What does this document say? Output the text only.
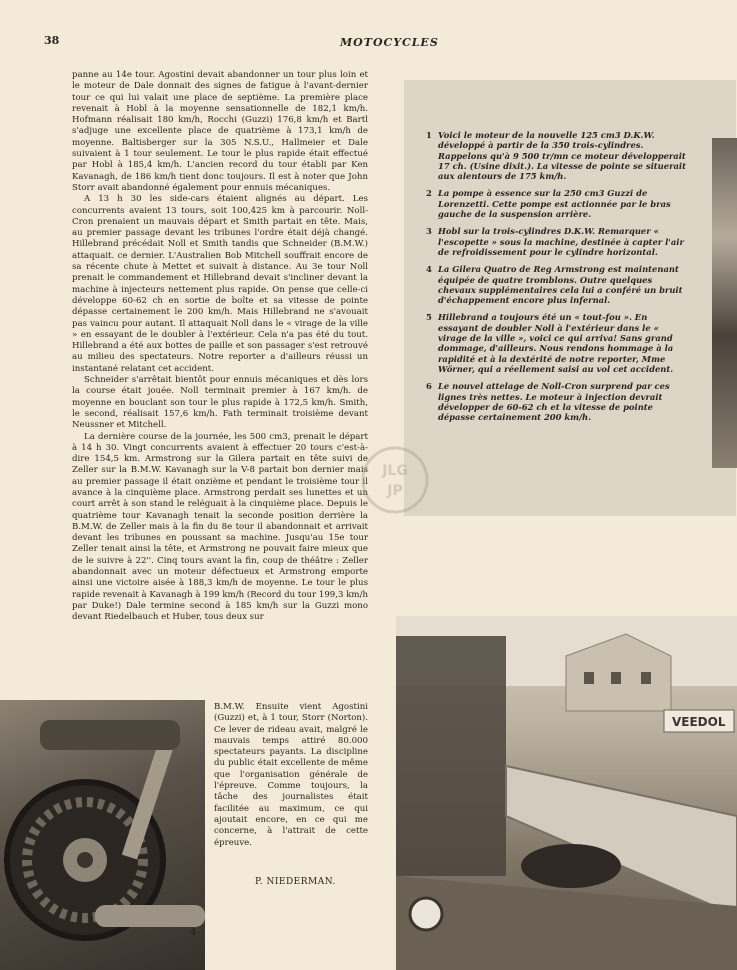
38	MOTOCYCLES

panne au 14e tour. Agostini devait abandonner un tour plus loin et le moteur de Dale donnait des signes de fatigue à l'avant-dernier tour ce qui lui valait une place de septième. La première place revenait à Hobl à la moyenne sensationnelle de 182,1 km/h. Hofmann réalisait 180 km/h, Rocchi (Guzzi) 176,8 km/h et Bartl s'adjuge une excellente place de quatrième à 173,1 km/h de moyenne. Baltisberger sur la 305 N.S.U., Hallmeier et Dale suivaient à 1 tour seulement. Le tour le plus rapide était effectué par Hobl à 185,4 km/h. L'ancien record du tour établi par Ken Kavanagh, de 186 km/h tient donc toujours. Il est à noter que John Storr avait abandonné également pour ennuis mécaniques.

A 13 h 30 les side-cars étaient alignés au départ. Les concurrents avaient 13 tours, soit 100,425 km à parcourir. Noll-Cron prenaient un mauvais départ et Smith partait en tête. Mais, au premier passage devant les tribunes l'ordre était déjà changé. Hillebrand précédait Noll et Smith tandis que Schneider (B.M.W.) attaquait. ce dernier. L'Australien Bob Mitchell souffrait encore de sa récente chute à Mettet et suivait à distance. Au 3e tour Noll prenait le commandement et Hillebrand devait s'incliner devant la machine à injecteurs nettement plus rapide. On pense que celle-ci développe 60-62 ch en sortie de boîte et sa vitesse de pointe dépasse certainement le 200 km/h. Mais Hillebrand ne s'avouait pas vaincu pour autant. Il attaquait Noll dans le « virage de la ville » en essayant de le doubler à l'extérieur. Cela n'a pas été du tout. Hillebrand a été aux bottes de paille et son passager s'est retrouvé au milieu des spectateurs. Notre reporter a d'ailleurs réussi un instantané relatant cet accident.

Schneider s'arrêtait bientôt pour ennuis mécaniques et dès lors la course était jouée. Noll terminait premier à 167 km/h. de moyenne en bouclant son tour le plus rapide à 172,5 km/h. Smith, le second, réalisait 157,6 km/h. Fath terminait troisième devant Neussner et Mitchell.

La dernière course de la journée, les 500 cm3, prenait le départ à 14 h 30. Vingt concurrents avaient à effectuer 20 tours c'est-à-dire 154,5 km. Armstrong sur la Gilera partait en tête suivi de Zeller sur la B.M.W. Kavanagh sur la V-8 partait bon dernier mais au premier passage il était onzième et pendant le troisième tour il avance à la cinquième place. Armstrong perdait ses lunettes et un court arrêt à son stand le reléguait à la cinquième place. Depuis le quatrième tour Kavanagh tenait la seconde position derrière la B.M.W. de Zeller mais à la fin du 8e tour il abandonnait et arrivait devant les tribunes en poussant sa machine. Jusqu'au 15e tour Zeller tenait ainsi la tête, et Armstrong ne pouvait faire mieux que de le suivre à 22''. Cinq tours avant la fin, coup de théâtre : Zeller abandonnait avec un moteur défectueux et Armstrong emporte ainsi une victoire aisée à 188,3 km/h de moyenne. Le tour le plus rapide revenait à Kavanagh à 199 km/h (Record du tour 199,3 km/h par Duke!) Dale termine second à 185 km/h sur la Guzzi mono devant Riedelbauch et Huber, tous deux sur

B.M.W. Ensuite vient Agostini (Guzzi) et, à 1 tour, Storr (Norton). Ce lever de rideau avait, malgré le mauvais temps attiré 80.000 spectateurs payants. La discipline du public était excellente de même que l'organisation générale de l'épreuve. Comme toujours, la tâche des journalistes était facilitée au maximum, ce qui ajoutait encore, en ce qui me concerne, à l'attrait de cette épreuve.

P. NIEDERMAN.
1 Voici le moteur de la nouvelle 125 cm3 D.K.W. développé à partir de la 350 trois-cylindres. Rappelons qu'à 9 500 tr/mn ce moteur développerait 17 ch. (Usine dixit.). La vitesse de pointe se situerait aux alentours de 175 km/h.
2 La pompe à essence sur la 250 cm3 Guzzi de Lorenzetti. Cette pompe est actionnée par le bras gauche de la suspension arrière.
3 Hobl sur la trois-cylindres D.K.W. Remarquer « l'escopette » sous la machine, destinée à capter l'air de refroidissement pour le cylindre horizontal.
4 La Gilera Quatro de Reg Armstrong est maintenant équipée de quatre tromblons. Outre quelques chevaux supplémentaires cela lui a conféré un bruit d'échappement encore plus infernal.
5 Hillebrand a toujours été un « tout-fou ». En essayant de doubler Noll à l'extérieur dans le « virage de la ville », voici ce qui arriva! Sans grand dommage, d'ailleurs. Nous rendons hommage à la rapidité et à la dextérité de notre reporter, Mme Wörner, qui a réellement saisi au vol cet accident.
6 Le nouvel attelage de Noll-Cron surprend par ces lignes très nettes. Le moteur à injection devrait développer de 60-62 ch et la vitesse de pointe dépasse certainement 200 km/h.
4
VEEDOL
JLG
JP
